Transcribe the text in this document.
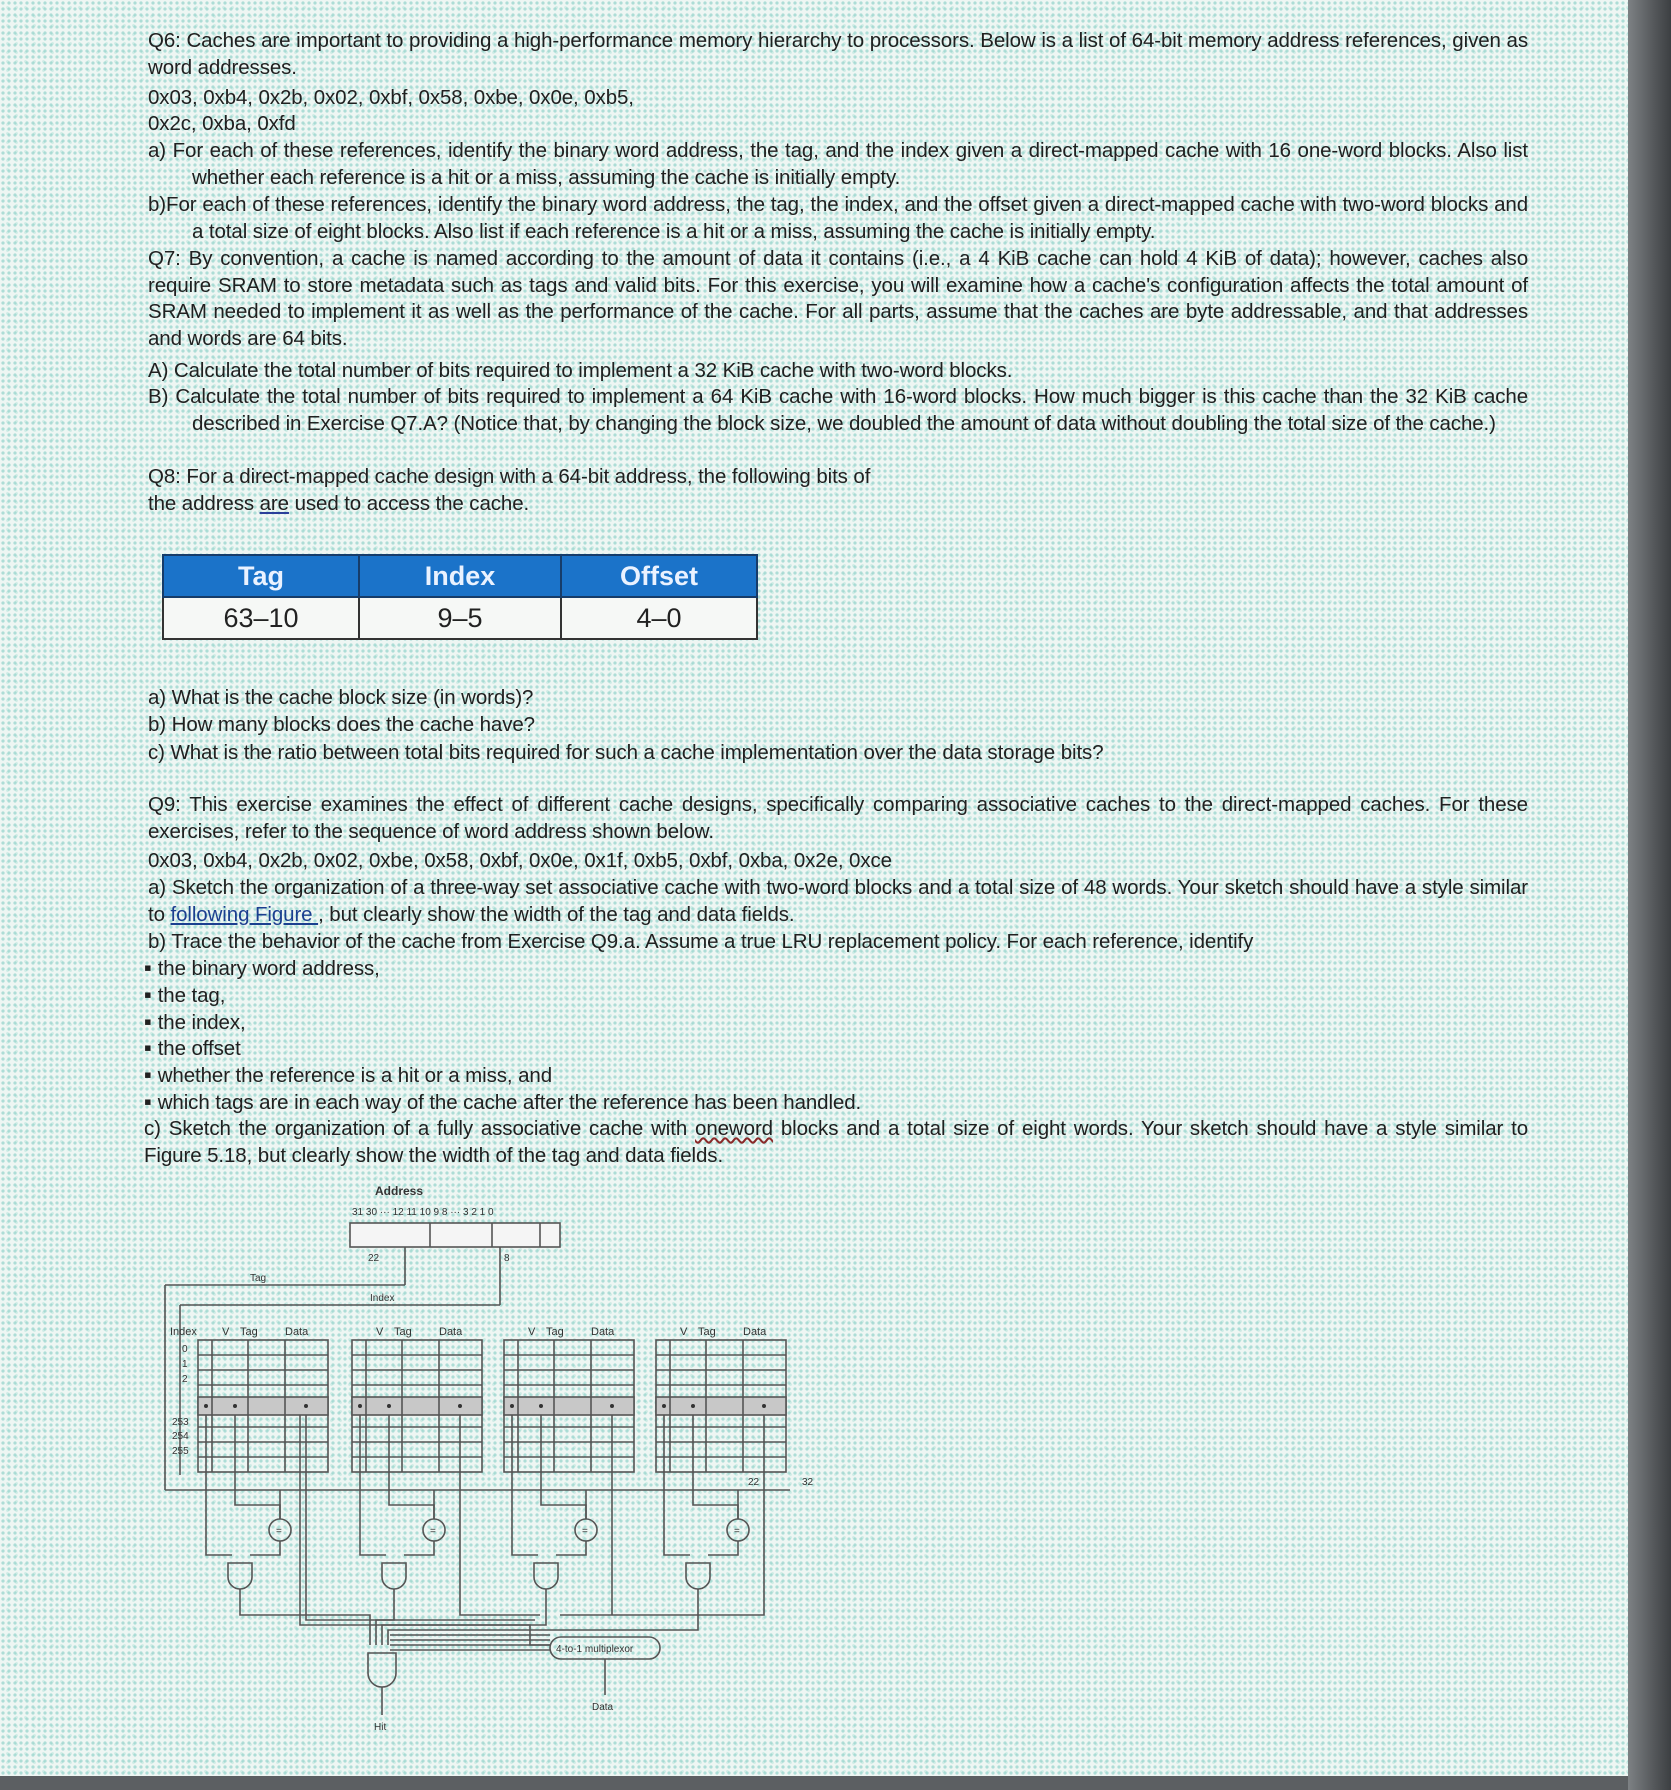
Q6: Caches are important to providing a high-performance memory hierarchy to processors. Below is a list of 64-bit memory address references, given as word addresses.
0x03, 0xb4, 0x2b, 0x02, 0xbf, 0x58, 0xbe, 0x0e, 0xb5,
0x2c, 0xba, 0xfd
a) For each of these references, identify the binary word address, the tag, and the index given a direct-mapped cache with 16 one-word blocks. Also list whether each reference is a hit or a miss, assuming the cache is initially empty.
b)For each of these references, identify the binary word address, the tag, the index, and the offset given a direct-mapped cache with two-word blocks and a total size of eight blocks. Also list if each reference is a hit or a miss, assuming the cache is initially empty.
Q7: By convention, a cache is named according to the amount of data it contains (i.e., a 4 KiB cache can hold 4 KiB of data); however, caches also require SRAM to store metadata such as tags and valid bits. For this exercise, you will examine how a cache's configuration affects the total amount of SRAM needed to implement it as well as the performance of the cache. For all parts, assume that the caches are byte addressable, and that addresses and words are 64 bits.
A) Calculate the total number of bits required to implement a 32 KiB cache with two-word blocks.
B) Calculate the total number of bits required to implement a 64 KiB cache with 16-word blocks. How much bigger is this cache than the 32 KiB cache described in Exercise Q7.A? (Notice that, by changing the block size, we doubled the amount of data without doubling the total size of the cache.)
Q8: For a direct-mapped cache design with a 64-bit address, the following bits of
the address are used to access the cache.
Tag	Index	Offset
63–10	9–5	4–0
a) What is the cache block size (in words)?
b) How many blocks does the cache have?
c) What is the ratio between total bits required for such a cache implementation over the data storage bits?
Q9: This exercise examines the effect of different cache designs, specifically comparing associative caches to the direct-mapped caches. For these exercises, refer to the sequence of word address shown below.
0x03, 0xb4, 0x2b, 0x02, 0xbe, 0x58, 0xbf, 0x0e, 0x1f, 0xb5, 0xbf, 0xba, 0x2e, 0xce
a) Sketch the organization of a three-way set associative cache with two-word blocks and a total size of 48 words. Your sketch should have a style similar to following Figure , but clearly show the width of the tag and data fields.
b) Trace the behavior of the cache from Exercise Q9.a. Assume a true LRU replacement policy. For each reference, identify
▪ the binary word address,
▪ the tag,
▪ the index,
▪ the offset
▪ whether the reference is a hit or a miss, and
▪ which tags are in each way of the cache after the reference has been handled.
c) Sketch the organization of a fully associative cache with oneword blocks and a total size of eight words. Your sketch should have a style similar to Figure 5.18, but clearly show the width of the tag and data fields.
Address
31 30 ··· 12 11 10 9 8 ··· 3 2 1 0
22	8
Tag
Index
Index V Tag Data	V Tag Data	V Tag Data	V Tag Data
0
1
2
253
254
255
=	=	=	=
22	32
4-to-1 multiplexor
Hit
Data
